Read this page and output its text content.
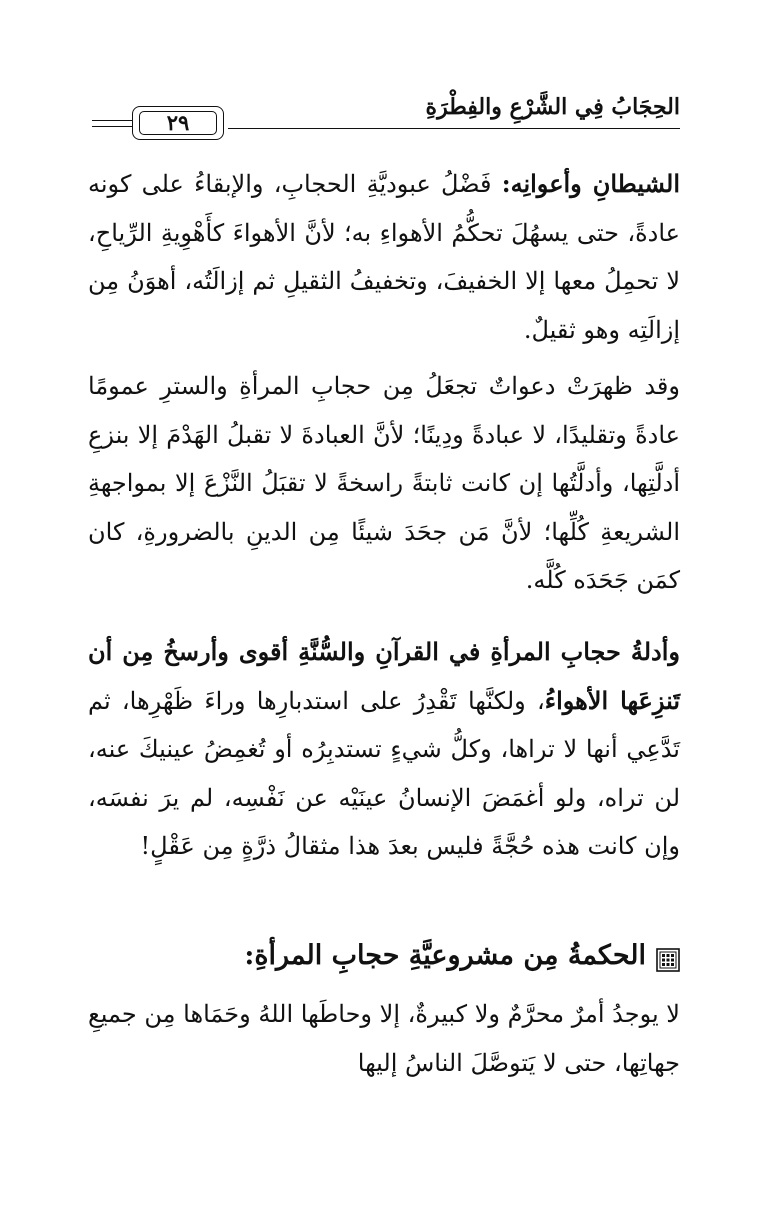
الحِجَابُ فِي الشَّرْعِ والفِطْرَةِ
٢٩

الشيطانِ وأعوانِه: فَضْلُ عبوديَّةِ الحجابِ، والإبقاءُ على كونه عادةً، حتى يسهُلَ تحكُّمُ الأهواءِ به؛ لأنَّ الأهواءَ كأَهْوِيةِ الرِّياحِ، لا تحمِلُ معها إلا الخفيفَ، وتخفيفُ الثقيلِ ثم إزالَتُه، أهوَنُ مِن إزالَتِه وهو ثقيلٌ.

وقد ظهرَتْ دعواتٌ تجعَلُ مِن حجابِ المرأةِ والسترِ عمومًا عادةً وتقليدًا، لا عبادةً ودِينًا؛ لأنَّ العبادةَ لا تقبلُ الهَدْمَ إلا بنزعِ أدلَّتِها، وأدلَّتُها إن كانت ثابتةً راسخةً لا تقبَلُ النَّزْعَ إلا بمواجهةِ الشريعةِ كُلِّها؛ لأنَّ مَن جحَدَ شيئًا مِن الدينِ بالضرورةِ، كان كمَن جَحَدَه كُلَّه.

وأدلةُ حجابِ المرأةِ في القرآنِ والسُّنَّةِ أقوى وأرسخُ مِن أن تَنزِعَها الأهواءُ، ولكنَّها تَقْدِرُ على استدبارِها وراءَ ظَهْرِها، ثم تَدَّعِي أنها لا تراها، وكلُّ شيءٍ تستدبِرُه أو تُغمِضُ عينيكَ عنه، لن تراه، ولو أغمَضَ الإنسانُ عينَيْه عن نَفْسِه، لم يرَ نفسَه، وإن كانت هذه حُجَّةً فليس بعدَ هذا مثقالُ ذرَّةٍ مِن عَقْلٍ!

الحكمةُ مِن مشروعيَّةِ حجابِ المرأةِ:

لا يوجدُ أمرٌ محرَّمٌ ولا كبيرةٌ، إلا وحاطَها اللهُ وحَمَاها مِن جميعِ جهاتِها، حتى لا يَتوصَّلَ الناسُ إليها
